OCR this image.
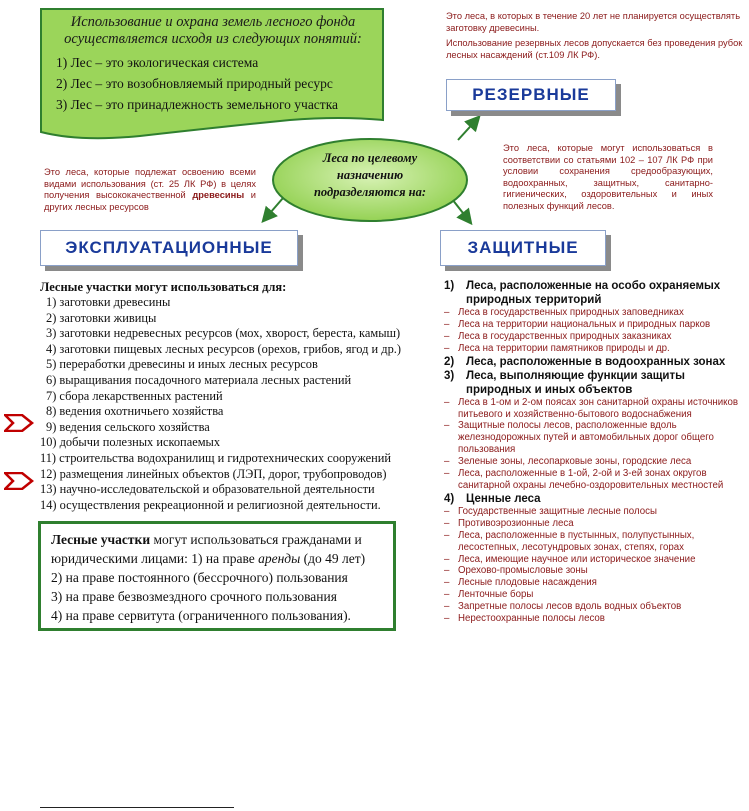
Использование и охрана земель лесного фонда осуществляется исходя из следующих понятий:
1) Лес – это экологическая система
2) Лес – это возобновляемый природный ресурс
3) Лес – это принадлежность земельного участка
Леса по целевому
назначению
подразделяются на:
РЕЗЕРВНЫЕ
ЭКСПЛУАТАЦИОННЫЕ	ЗАЩИТНЫЕ
Это леса, в которых в течение 20 лет не планируется осуществлять заготовку древесины.
Использование резервных лесов допускается без проведения рубок лесных насаждений (ст.109 ЛК РФ).
Это леса, которые подлежат освоению всеми видами использования (ст. 25 ЛК РФ) в целях получения высококачественной древесины и других лесных ресурсов
Это леса, которые могут использоваться в соответствии со статьями 102 – 107 ЛК РФ при условии сохранения средообразующих, водоохранных, защитных, санитарно-гигиенических, оздоровительных и иных полезных функций лесов.
Лесные участки могут использоваться для:
1) заготовки древесины
2) заготовки живицы
3) заготовки недревесных ресурсов (мох, хворост, береста, камыш)
4) заготовки пищевых лесных ресурсов (орехов, грибов, ягод и др.)
5) переработки древесины и иных лесных ресурсов
6) выращивания посадочного материала лесных растений
7) сбора лекарственных растений
8) ведения охотничьего хозяйства
9) ведения сельского хозяйства
10) добычи полезных ископаемых
11) строительства водохранилищ и гидротехнических сооружений
12) размещения линейных объектов (ЛЭП, дорог, трубопроводов)
13) научно-исследовательской и образовательной деятельности
14) осуществления рекреационной и религиозной деятельности.
Лесные участки могут использоваться гражданами и
юридическими лицами: 1) на праве аренды (до 49 лет)
2) на праве постоянного (бессрочного) пользования
3) на праве безвозмездного срочного пользования
4) на праве сервитута (ограниченного пользования).
1) Леса, расположенные на особо охраняемых природных территорий
– Леса в государственных природных заповедниках
– Леса на территории национальных и природных парков
– Леса в государственных природных заказниках
– Леса на территории памятников природы и др.
2) Леса, расположенные в водоохранных зонах
3) Леса, выполняющие функции защиты природных и иных объектов
– Леса в 1-ом и 2-ом поясах зон санитарной охраны источников питьевого и хозяйственно-бытового водоснабжения
– Защитные полосы лесов, расположенные вдоль железнодорожных путей и автомобильных дорог общего пользования
– Зеленые зоны, лесопарковые зоны, городские леса
– Леса, расположенные в 1-ой, 2-ой и 3-ей зонах округов санитарной охраны лечебно-оздоровительных местностей
4) Ценные леса
– Государственные защитные лесные полосы
– Противоэрозионные леса
– Леса, расположенные в пустынных, полупустынных, лесостепных, лесотундровых зонах, степях, горах
– Леса, имеющие научное или историческое значение
– Орехово-промысловые зоны
– Лесные плодовые насаждения
– Ленточные боры
– Запретные полосы лесов вдоль водных объектов
– Нерестоохранные полосы лесов
